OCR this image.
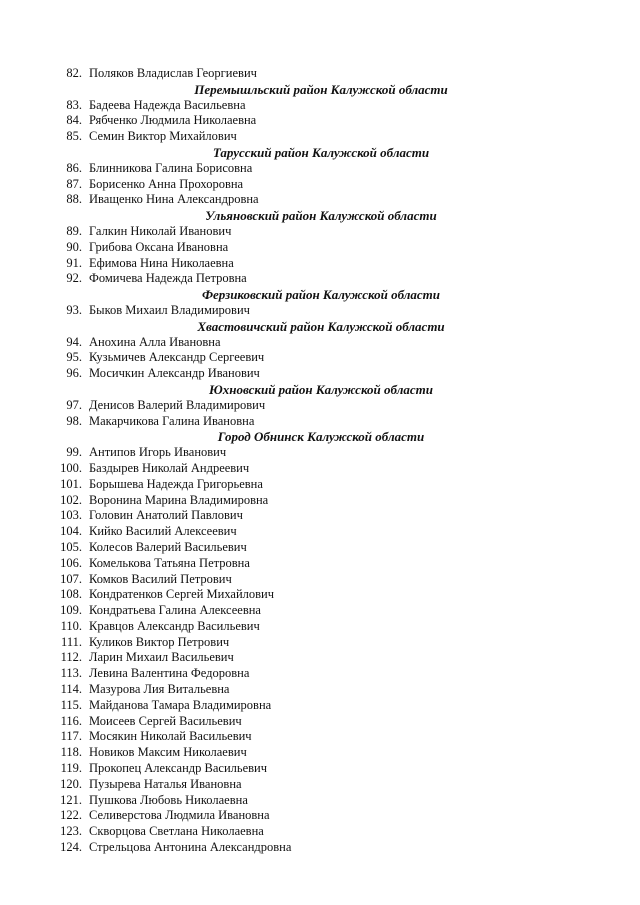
82. Поляков Владислав Георгиевич
Перемышльский район Калужской области
83. Бадеева Надежда Васильевна
84. Рябченко Людмила Николаевна
85. Семин Виктор Михайлович
Тарусский район Калужской области
86. Блинникова Галина Борисовна
87. Борисенко Анна Прохоровна
88. Иващенко Нина Александровна
Ульяновский район Калужской области
89. Галкин Николай Иванович
90. Грибова Оксана Ивановна
91. Ефимова Нина Николаевна
92. Фомичева Надежда Петровна
Ферзиковский район Калужской области
93. Быков Михаил Владимирович
Хвастовичский район Калужской области
94. Анохина Алла Ивановна
95. Кузьмичев Александр Сергеевич
96. Мосичкин Александр Иванович
Юхновский район Калужской области
97. Денисов Валерий Владимирович
98. Макарчикова Галина Ивановна
Город Обнинск Калужской области
99. Антипов Игорь Иванович
100. Баздырев Николай Андреевич
101. Борышева Надежда Григорьевна
102. Воронина Марина Владимировна
103. Головин Анатолий Павлович
104. Кийко Василий Алексеевич
105. Колесов Валерий Васильевич
106. Комелькова Татьяна Петровна
107. Комков Василий Петрович
108. Кондратенков Сергей Михайлович
109. Кондратьева Галина Алексеевна
110. Кравцов Александр Васильевич
111. Куликов Виктор Петрович
112. Ларин Михаил Васильевич
113. Левина Валентина Федоровна
114. Мазурова Лия Витальевна
115. Майданова Тамара Владимировна
116. Моисеев Сергей Васильевич
117. Мосякин Николай Васильевич
118. Новиков Максим Николаевич
119. Прокопец Александр Васильевич
120. Пузырева Наталья Ивановна
121. Пушкова Любовь Николаевна
122. Селиверстова Людмила Ивановна
123. Скворцова Светлана Николаевна
124. Стрельцова Антонина Александровна
